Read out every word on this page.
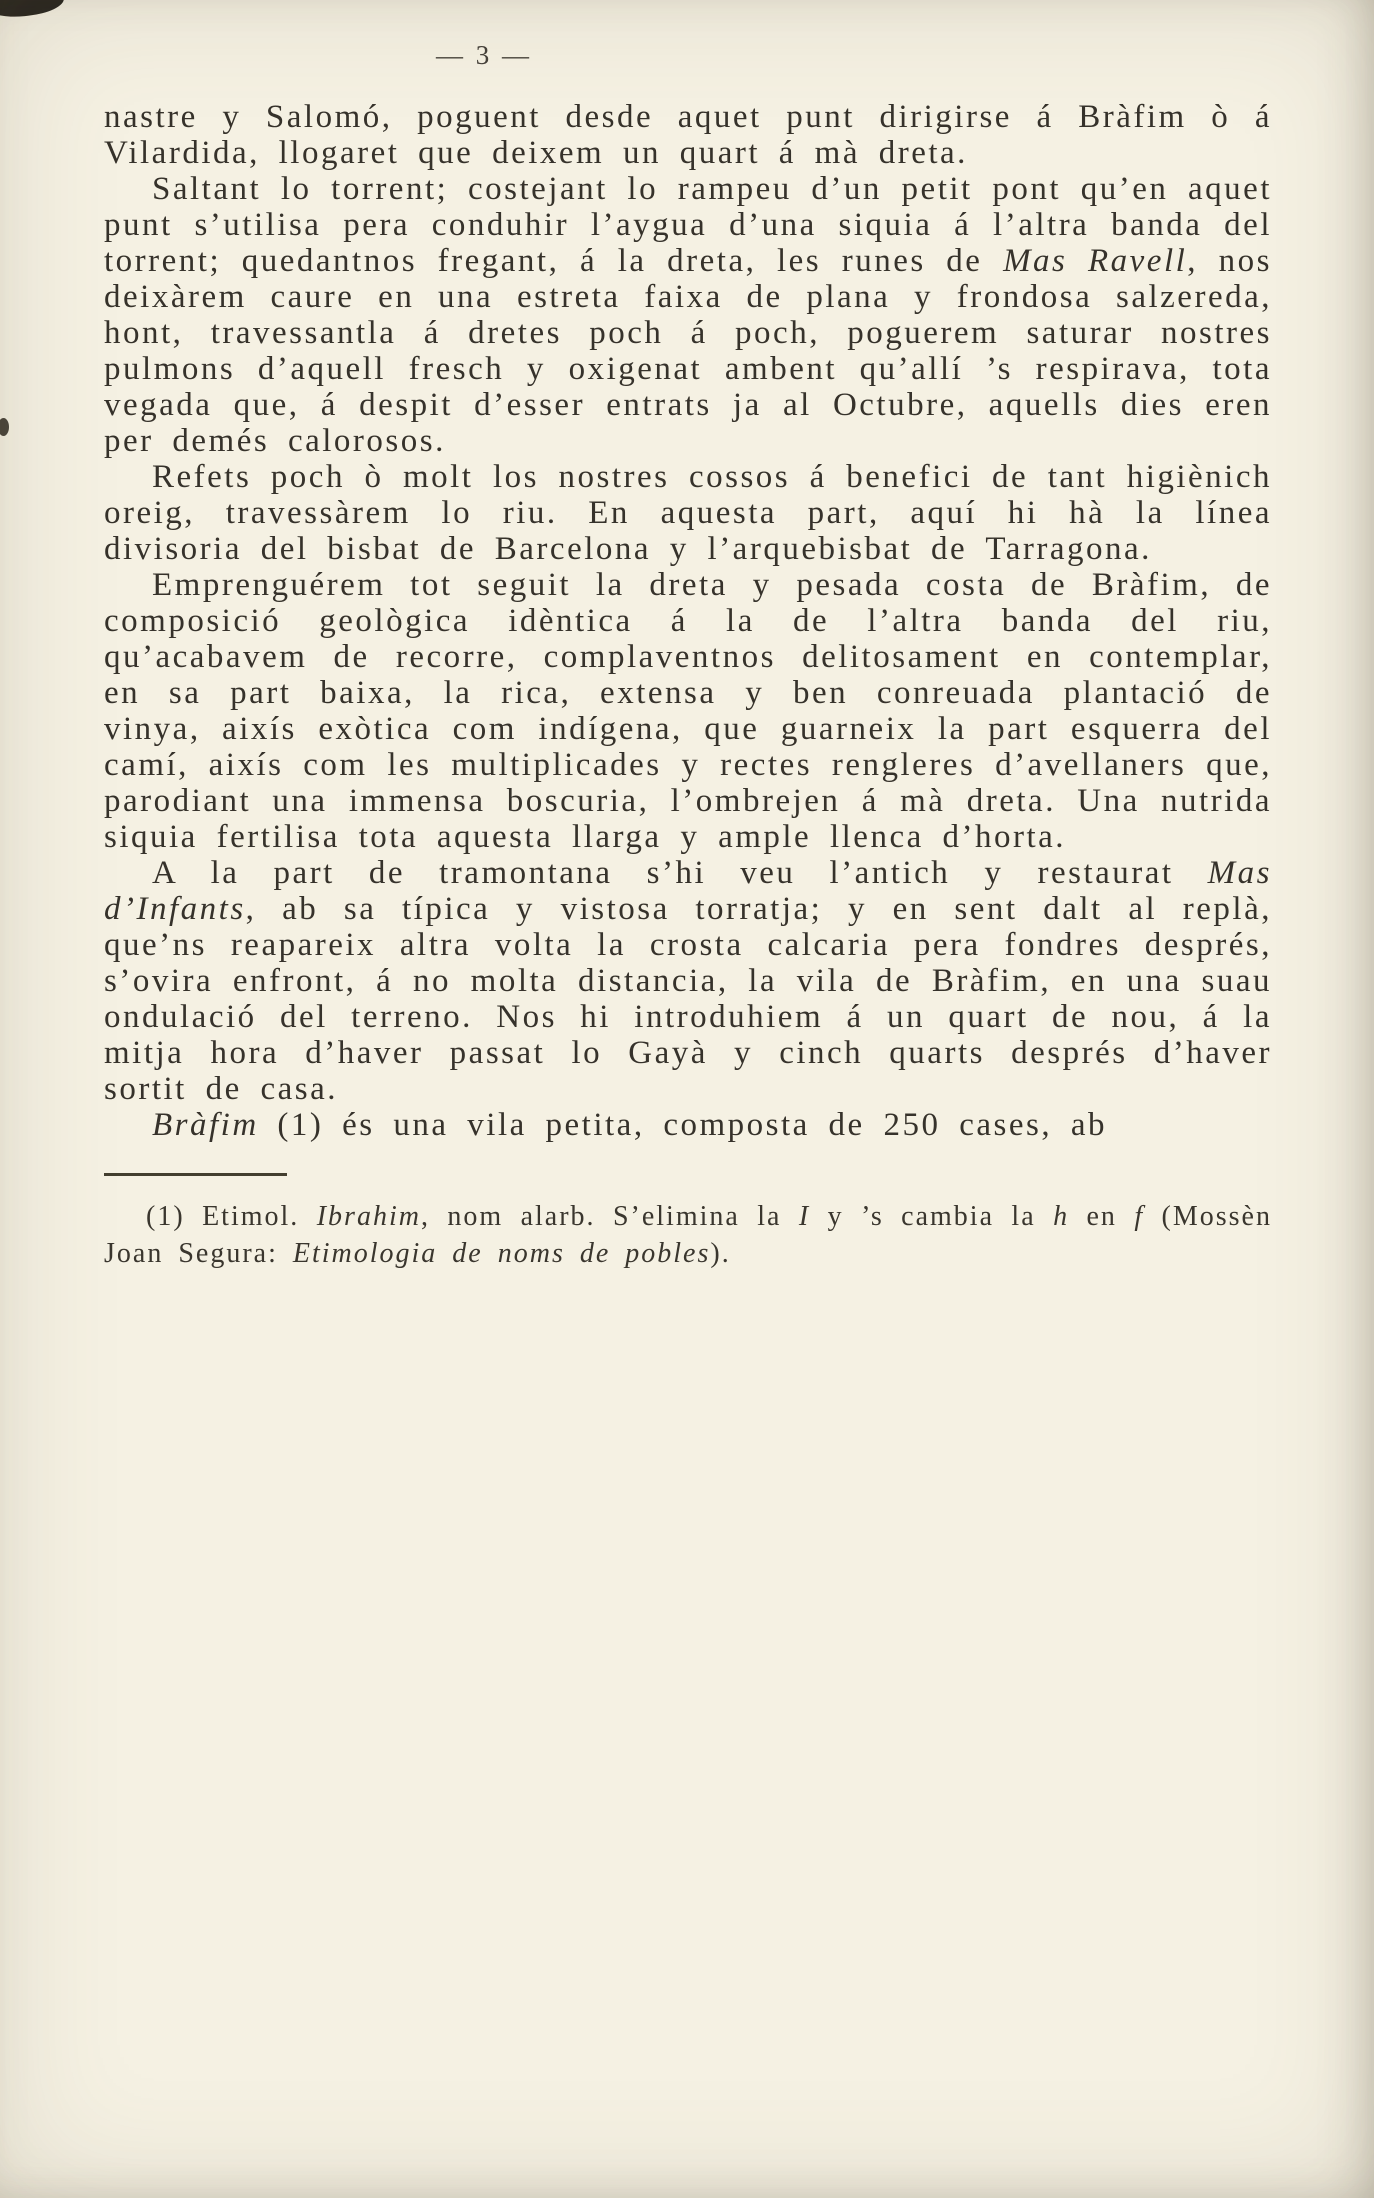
— 3 —

nastre y Salomó, poguent desde aquet punt dirigirse á Bràfim ò á Vilardida, llogaret que deixem un quart á mà dreta.

Saltant lo torrent; costejant lo rampeu d’un petit pont qu’en aquet punt s’utilisa pera conduhir l’aygua d’una siquia á l’altra banda del torrent; quedantnos fregant, á la dreta, les runes de Mas Ravell, nos deixàrem caure en una estreta faixa de plana y frondosa salzereda, hont, travessantla á dretes poch á poch, poguerem saturar nostres pulmons d’aquell fresch y oxigenat ambent qu’allí ’s respirava, tota vegada que, á despit d’esser entrats ja al Octubre, aquells dies eren per demés calorosos.

Refets poch ò molt los nostres cossos á benefici de tant higiènich oreig, travessàrem lo riu. En aquesta part, aquí hi hà la línea divisoria del bisbat de Barcelona y l’arquebisbat de Tarragona.

Emprenguérem tot seguit la dreta y pesada costa de Bràfim, de composició geològica idèntica á la de l’altra banda del riu, qu’acabavem de recorre, complaventnos delitosament en contemplar, en sa part baixa, la rica, extensa y ben conreuada plantació de vinya, aixís exòtica com indígena, que guarneix la part esquerra del camí, aixís com les multiplicades y rectes rengleres d’avellaners que, parodiant una immensa boscuria, l’ombrejen á mà dreta. Una nutrida siquia fertilisa tota aquesta llarga y ample llenca d’horta.

A la part de tramontana s’hi veu l’antich y restaurat Mas d’Infants, ab sa típica y vistosa torratja; y en sent dalt al replà, que’ns reapareix altra volta la crosta calcaria pera fondres després, s’ovira enfront, á no molta distancia, la vila de Bràfim, en una suau ondulació del terreno. Nos hi introduhiem á un quart de nou, á la mitja hora d’haver passat lo Gayà y cinch quarts després d’haver sortit de casa.

Bràfim (1) és una vila petita, composta de 250 cases, ab

(1) Etimol. Ibrahim, nom alarb. S’elimina la I y ’s cambia la h en f (Mossèn Joan Segura: Etimologia de noms de pobles).
